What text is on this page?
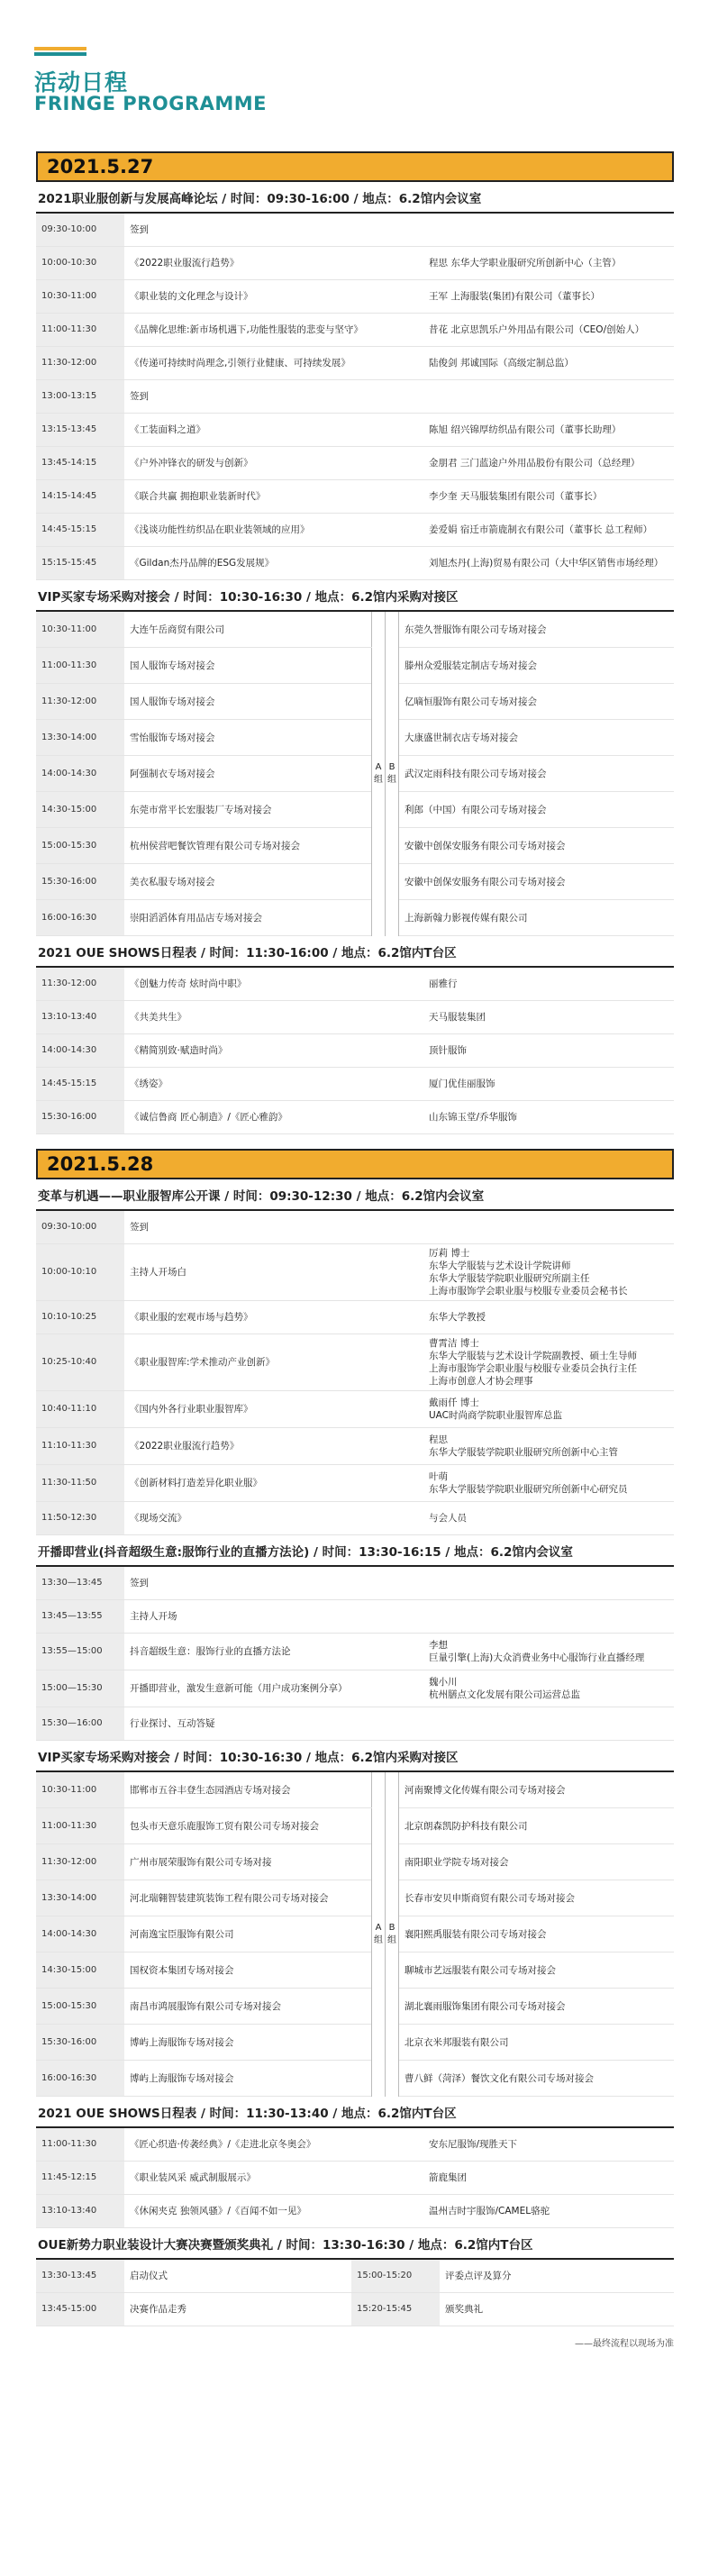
活动日程
FRINGE PROGRAMME
2021.5.27
2021职业服创新与发展高峰论坛 / 时间：09:30-16:00 / 地点：6.2馆内会议室
09:30-10:00	签到	
10:00-10:30	《2022职业服流行趋势》	程思 东华大学职业服研究所创新中心（主管）
10:30-11:00	《职业装的文化理念与设计》	王军 上海服装(集团)有限公司（董事长）
11:00-11:30	《品牌化思维:新市场机遇下,功能性服装的悲变与坚守》	昔花 北京思凯乐户外用品有限公司（CEO/创始人）
11:30-12:00	《传递可持续时尚理念,引领行业健康、可持续发展》	陆俊剑 邦诚国际（高级定制总监）
13:00-13:15	签到	
13:15-13:45	《工装面料之道》	陈旭 绍兴锦厚纺织品有限公司（董事长助理）
13:45-14:15	《户外冲锋衣的研发与创新》	金朋君 三门蓝途户外用品股份有限公司（总经理）
14:15-14:45	《联合共赢 拥抱职业装新时代》	李少奎 天马服装集团有限公司（董事长）
14:45-15:15	《浅谈功能性纺织品在职业装领域的应用》	姜爱娟 宿迁市箭鹿制衣有限公司（董事长 总工程师）
15:15-15:45	《Gildan杰丹品牌的ESG发展规》	刘旭杰丹(上海)贸易有限公司（大中华区销售市场经理）
VIP买家专场采购对接会 / 时间：10:30-16:30 / 地点：6.2馆内采购对接区
10:30-11:00	大连午岳商贸有限公司	A组	B组	东莞久誉服饰有限公司专场对接会
11:00-11:30	国人服饰专场对接会			滕州众爱服装定制店专场对接会
11:30-12:00	国人服饰专场对接会			亿嘀恒服饰有限公司专场对接会
13:30-14:00	雪怡服饰专场对接会			大康盛世制衣店专场对接会
14:00-14:30	阿强制衣专场对接会			武汉定雨科技有限公司专场对接会
14:30-15:00	东莞市常平长宏服装厂专场对接会			利郎（中国）有限公司专场对接会
15:00-15:30	杭州侯营吧餐饮管理有限公司专场对接会			安徽中创保安服务有限公司专场对接会
15:30-16:00	美衣私服专场对接会			安徽中创保安服务有限公司专场对接会
16:00-16:30	崇阳滔滔体育用品店专场对接会			上海新翰力影视传媒有限公司
2021 OUE SHOWS日程表 / 时间：11:30-16:00 / 地点：6.2馆内T台区
11:30-12:00	《创魅力传奇 炫时尚中职》	丽雅行
13:10-13:40	《共美共生》	天马服装集团
14:00-14:30	《精简别致·赋造时尚》	顶针服饰
14:45-15:15	《绣姿》	厦门优佳丽服饰
15:30-16:00	《诚信鲁商 匠心制造》/《匠心雅韵》	山东锦玉堂/乔华服饰
2021.5.28
变革与机遇——职业服智库公开课 / 时间：09:30-12:30 / 地点：6.2馆内会议室
09:30-10:00	签到	
10:00-10:10	主持人开场白	厉莉 博士
东华大学服装与艺术设计学院讲师
东华大学服装学院职业服研究所副主任
上海市服饰学会职业服与校服专业委员会秘书长
10:10-10:25	《职业服的宏观市场与趋势》	东华大学教授
10:25-10:40	《职业服智库:学术推动产业创新》	曹霄洁 博士
东华大学服装与艺术设计学院副教授、硕士生导师
上海市服饰学会职业服与校服专业委员会执行主任
上海市创意人才协会理事
10:40-11:10	《国内外各行业职业服智库》	戴雨仟 博士
UAC时尚商学院职业服智库总监
11:10-11:30	《2022职业服流行趋势》	程思
东华大学服装学院职业服研究所创新中心主管
11:30-11:50	《创新材料打造差异化职业服》	叶萌
东华大学服装学院职业服研究所创新中心研究员
11:50-12:30	《现场交流》	与会人员
开播即营业(抖音超级生意:服饰行业的直播方法论) / 时间：13:30-16:15 / 地点：6.2馆内会议室
13:30—13:45	签到	
13:45—13:55	主持人开场	
13:55—15:00	抖音超级生意：服饰行业的直播方法论	李想
巨量引擎(上海)大众消费业务中心服饰行业直播经理
15:00—15:30	开播即营业，激发生意新可能（用户成功案例分享）	魏小川
杭州膳点文化发展有限公司运营总监
15:30—16:00	行业探讨、互动答疑	
VIP买家专场采购对接会 / 时间：10:30-16:30 / 地点：6.2馆内采购对接区
10:30-11:00	邯郸市五谷丰登生态园酒店专场对接会	A组	B组	河南聚博文化传媒有限公司专场对接会
11:00-11:30	包头市天意乐鹿服饰工贸有限公司专场对接会			北京朗森凯防护科技有限公司
11:30-12:00	广州市展荣服饰有限公司专场对接			南阳职业学院专场对接会
13:30-14:00	河北瑞翱智装建筑装饰工程有限公司专场对接会			长春市安贝申斯商贸有限公司专场对接会
14:00-14:30	河南逸宝臣服饰有限公司			襄阳熙禹服装有限公司专场对接会
14:30-15:00	国权资本集团专场对接会			聊城市艺远服装有限公司专场对接会
15:00-15:30	南昌市鸿展服饰有限公司专场对接会			湖北襄雨服饰集团有限公司专场对接会
15:30-16:00	博屿上海服饰专场对接会			北京衣米邦服装有限公司
16:00-16:30	博屿上海服饰专场对接会			曹八鲜（菏泽）餐饮文化有限公司专场对接会
2021 OUE SHOWS日程表 / 时间：11:30-13:40 / 地点：6.2馆内T台区
11:00-11:30	《匠心织造·传袭经典》/《走进北京冬奥会》	安东尼服饰/现胜天下
11:45-12:15	《职业装风采 威武制服展示》	箭鹿集团
13:10-13:40	《休闲夹克 独领风骚》/《百闻不如一见》	温州吉时宇服饰/CAMEL骆驼
OUE新势力职业装设计大赛决赛暨颁奖典礼 / 时间：13:30-16:30 / 地点：6.2馆内T台区
13:30-13:45	启动仪式	15:00-15:20	评委点评及算分
13:45-15:00	决赛作品走秀	15:20-15:45	颁奖典礼
——最终流程以现场为准
